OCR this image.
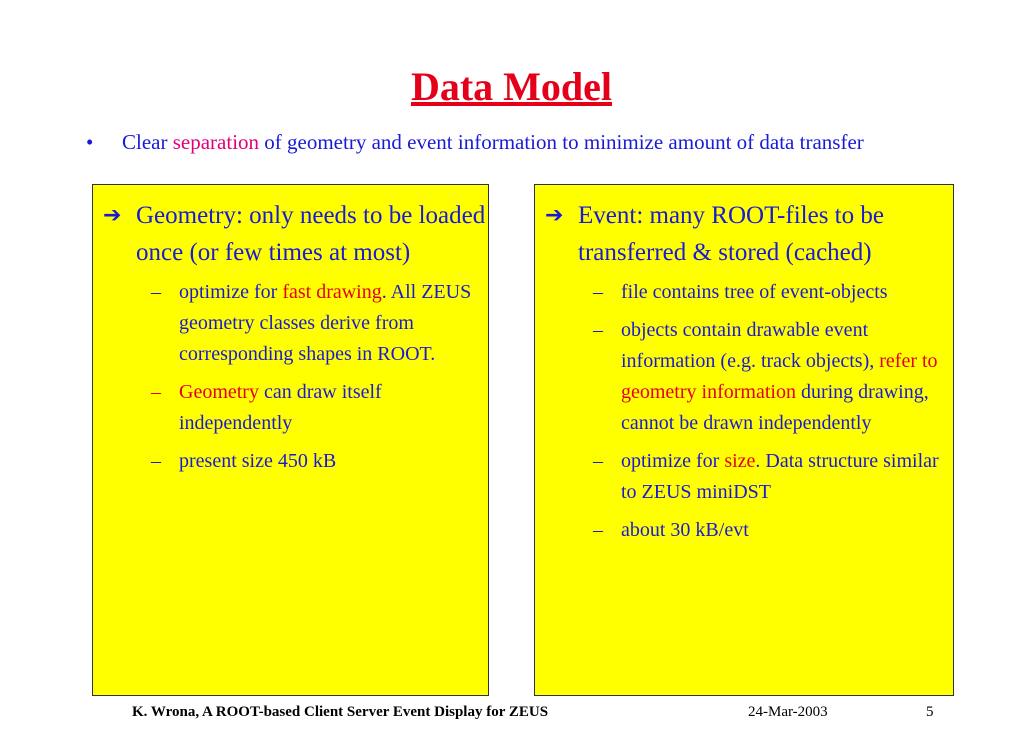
Data Model
• Clear separation of geometry and event information to minimize amount of data transfer
➔ Geometry: only needs to be loaded once (or few times at most)
– optimize for fast drawing. All ZEUS geometry classes derive from corresponding shapes in ROOT.
– Geometry can draw itself independently
– present size 450 kB
➔ Event: many ROOT-files to be transferred & stored (cached)
– file contains tree of event-objects
– objects contain drawable event information (e.g. track objects), refer to geometry information during drawing, cannot be drawn independently
– optimize for size. Data structure similar to ZEUS miniDST
– about 30 kB/evt
K. Wrona, A ROOT-based Client Server Event Display for ZEUS	24-Mar-2003	5
